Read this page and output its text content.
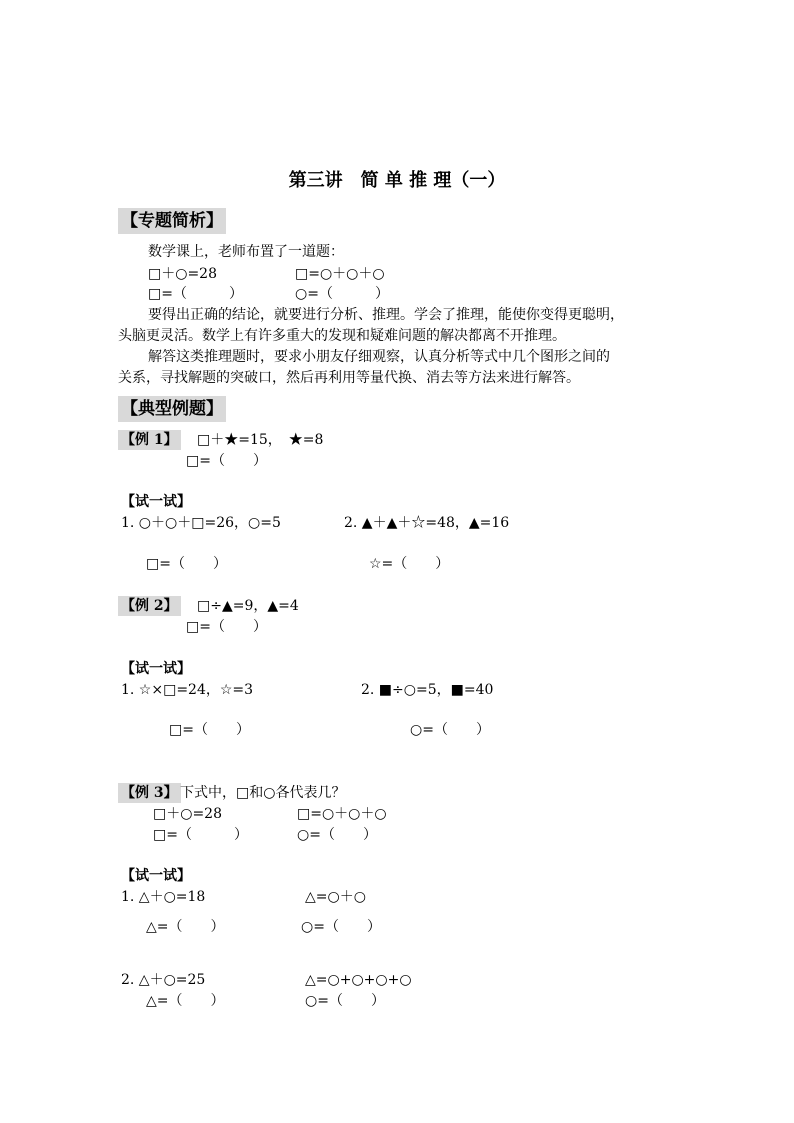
第三讲　简 单 推 理（一）
【专题简析】
数学课上，老师布置了一道题：
□＋○=28	□=○＋○＋○
□=（　　　）	○=（　　　）
要得出正确的结论，就要进行分析、推理。学会了推理，能使你变得更聪明，
头脑更灵活。数学上有许多重大的发现和疑难问题的解决都离不开推理。
解答这类推理题时，要求小朋友仔细观察，认真分析等式中几个图形之间的
关系，寻找解题的突破口，然后再利用等量代换、消去等方法来进行解答。
【典型例题】
【例 1】 □＋★=15，　★=8
□=（　　）
【试一试】
1. ○＋○＋□=26，○=5	2. ▲＋▲＋☆=48，▲=16
□=（　　）	☆=（　　）
【例 2】 □÷▲=9，▲=4
□=（　　）
【试一试】
1. ☆×□=24，☆=3	2. ■÷○=5，■=40
□=（　　）	○=（　　）
【例 3】 下式中，□和○各代表几？
□＋○=28	□=○＋○＋○
□=（　　　）	○=（　　）
【试一试】
1. △＋○=18	△=○＋○
△=（　　）	○=（　　）
2. △＋○=25	△=○+○+○+○
△=（　　）	○=（　　）
